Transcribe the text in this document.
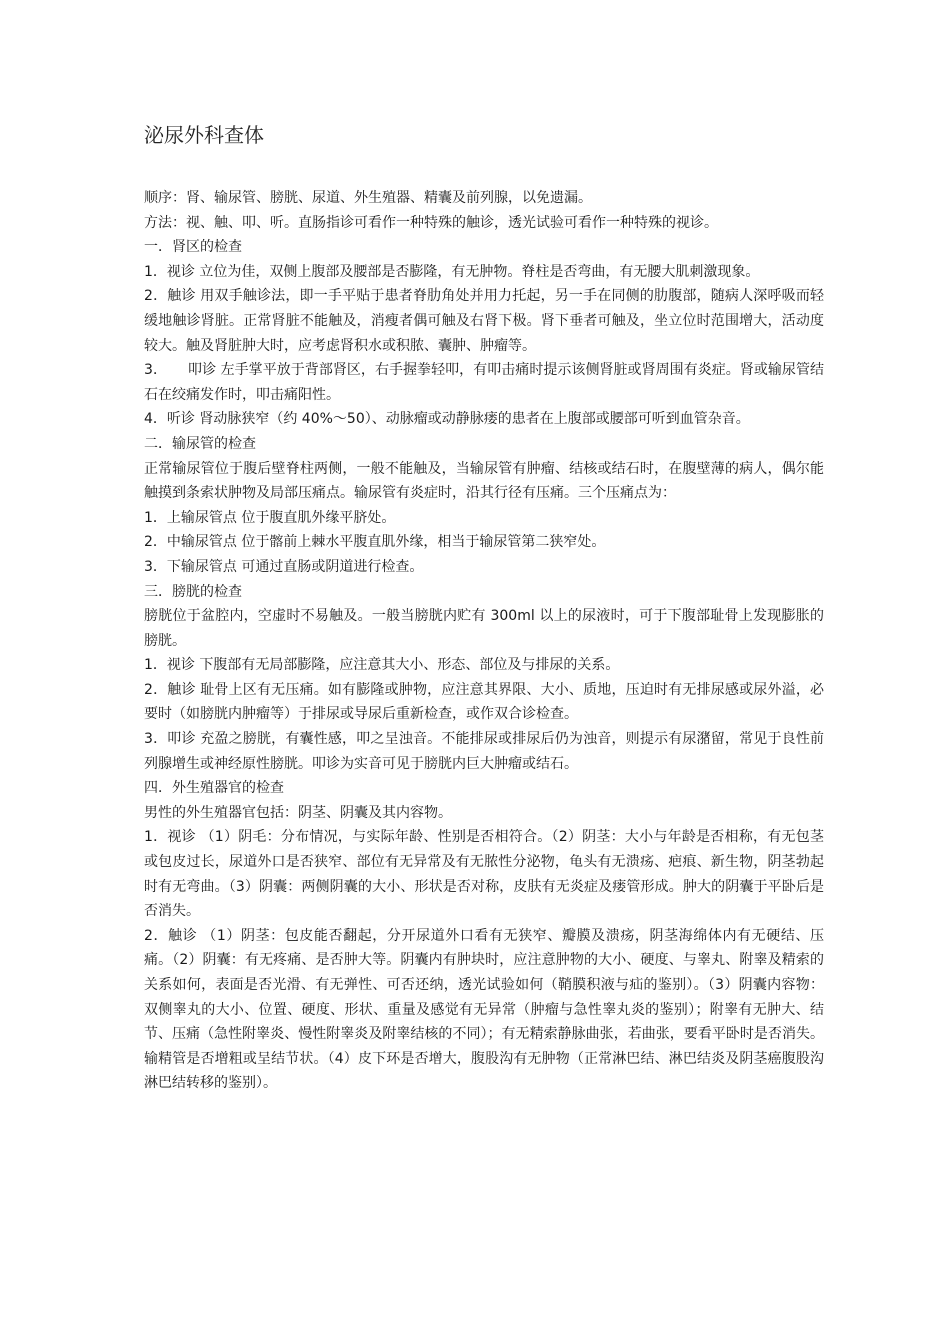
泌尿外科查体

顺序：肾、输尿管、膀胱、尿道、外生殖器、精囊及前列腺，以免遗漏。

方法：视、触、叩、听。直肠指诊可看作一种特殊的触诊，透光试验可看作一种特殊的视诊。

一．肾区的检查

1．视诊 立位为佳，双侧上腹部及腰部是否膨隆，有无肿物。脊柱是否弯曲，有无腰大肌刺激现象。

2．触诊 用双手触诊法，即一手平贴于患者脊肋角处并用力托起，另一手在同侧的肋腹部，随病人深呼吸而轻缓地触诊肾脏。正常肾脏不能触及，消瘦者偶可触及右肾下极。肾下垂者可触及，坐立位时范围增大，活动度较大。触及肾脏肿大时，应考虑肾积水或积脓、囊肿、肿瘤等。

3．　　叩诊 左手掌平放于背部肾区，右手握拳轻叩，有叩击痛时提示该侧肾脏或肾周围有炎症。肾或输尿管结石在绞痛发作时，叩击痛阳性。

4．听诊 肾动脉狭窄（约 40%～50）、动脉瘤或动静脉瘘的患者在上腹部或腰部可听到血管杂音。

二．输尿管的检查

正常输尿管位于腹后壁脊柱两侧，一般不能触及，当输尿管有肿瘤、结核或结石时，在腹壁薄的病人，偶尔能触摸到条索状肿物及局部压痛点。输尿管有炎症时，沿其行径有压痛。三个压痛点为：

1．上输尿管点 位于腹直肌外缘平脐处。

2．中输尿管点 位于髂前上棘水平腹直肌外缘，相当于输尿管第二狭窄处。

3．下输尿管点 可通过直肠或阴道进行检查。

三．膀胱的检查

膀胱位于盆腔内，空虚时不易触及。一般当膀胱内贮有 300ml 以上的尿液时，可于下腹部耻骨上发现膨胀的膀胱。

1．视诊 下腹部有无局部膨隆，应注意其大小、形态、部位及与排尿的关系。

2．触诊 耻骨上区有无压痛。如有膨隆或肿物，应注意其界限、大小、质地，压迫时有无排尿感或尿外溢，必要时（如膀胱内肿瘤等）于排尿或导尿后重新检查，或作双合诊检查。

3．叩诊 充盈之膀胱，有囊性感，叩之呈浊音。不能排尿或排尿后仍为浊音，则提示有尿潴留，常见于良性前列腺增生或神经原性膀胱。叩诊为实音可见于膀胱内巨大肿瘤或结石。

四．外生殖器官的检查

男性的外生殖器官包括：阴茎、阴囊及其内容物。

1．视诊 （1）阴毛：分布情况，与实际年龄、性别是否相符合。（2）阴茎：大小与年龄是否相称，有无包茎或包皮过长，尿道外口是否狭窄、部位有无异常及有无脓性分泌物，龟头有无溃疡、疤痕、新生物，阴茎勃起时有无弯曲。（3）阴囊：两侧阴囊的大小、形状是否对称，皮肤有无炎症及瘘管形成。肿大的阴囊于平卧后是否消失。

2．触诊 （1）阴茎：包皮能否翻起，分开尿道外口看有无狭窄、瓣膜及溃疡，阴茎海绵体内有无硬结、压痛。（2）阴囊：有无疼痛、是否肿大等。阴囊内有肿块时，应注意肿物的大小、硬度、与睾丸、附睾及精索的关系如何，表面是否光滑、有无弹性、可否还纳，透光试验如何（鞘膜积液与疝的鉴别）。（3）阴囊内容物：双侧睾丸的大小、位置、硬度、形状、重量及感觉有无异常（肿瘤与急性睾丸炎的鉴别）；附睾有无肿大、结节、压痛（急性附睾炎、慢性附睾炎及附睾结核的不同）；有无精索静脉曲张，若曲张，要看平卧时是否消失。输精管是否增粗或呈结节状。（4）皮下环是否增大，腹股沟有无肿物（正常淋巴结、淋巴结炎及阴茎癌腹股沟淋巴结转移的鉴别）。
